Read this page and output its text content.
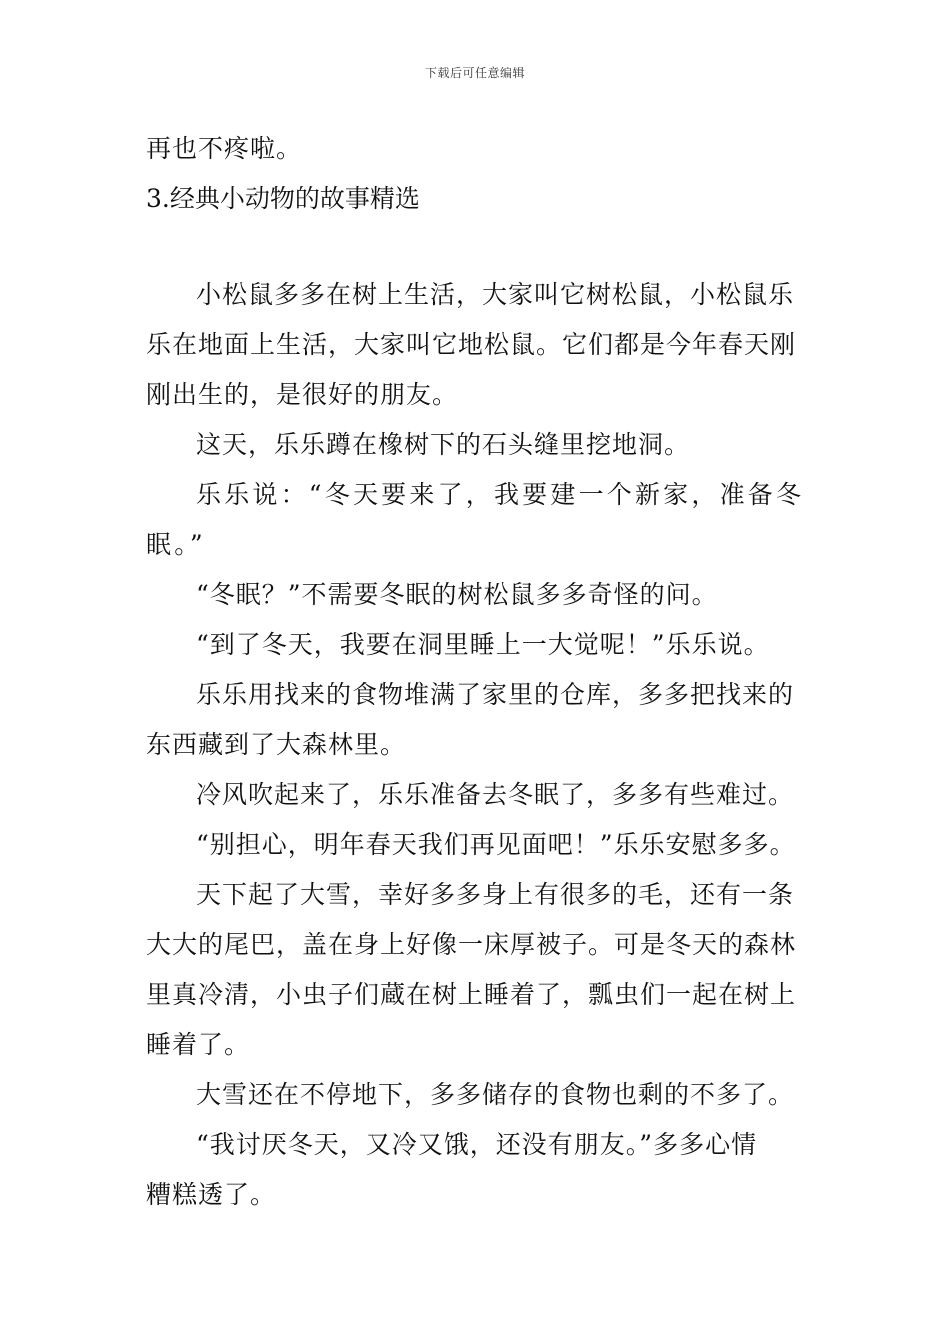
下载后可任意编辑
再也不疼啦。
3.经典小动物的故事精选
小松鼠多多在树上生活，大家叫它树松鼠，小松鼠乐
乐在地面上生活，大家叫它地松鼠。它们都是今年春天刚
刚出生的，是很好的朋友。
这天，乐乐蹲在橡树下的石头缝里挖地洞。
乐乐说：“冬天要来了，我要建一个新家，准备冬
眠。”
“冬眠？”不需要冬眠的树松鼠多多奇怪的问。
“到了冬天，我要在洞里睡上一大觉呢！”乐乐说。
乐乐用找来的食物堆满了家里的仓库，多多把找来的
东西藏到了大森林里。
冷风吹起来了，乐乐准备去冬眠了，多多有些难过。
“别担心，明年春天我们再见面吧！”乐乐安慰多多。
天下起了大雪，幸好多多身上有很多的毛，还有一条
大大的尾巴，盖在身上好像一床厚被子。可是冬天的森林
里真冷清，小虫子们蔵在树上睡着了，瓢虫们一起在树上
睡着了。
大雪还在不停地下，多多储存的食物也剩的不多了。
“我讨厌冬天，又冷又饿，还没有朋友。”多多心情
糟糕透了。
